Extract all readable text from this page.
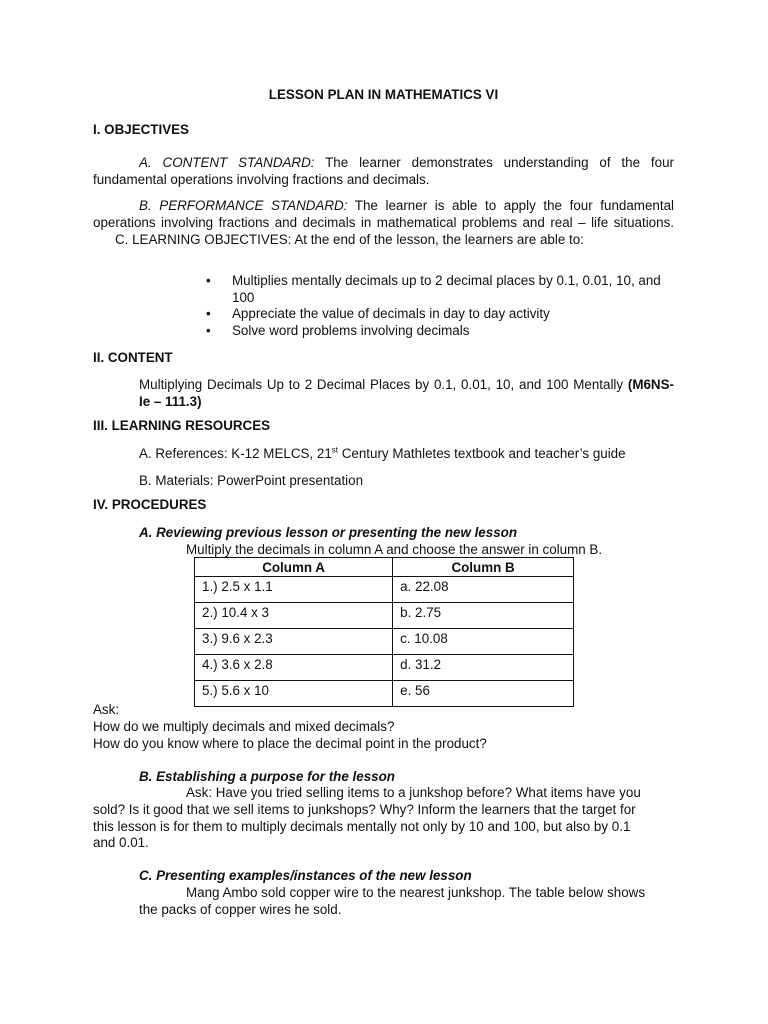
LESSON PLAN IN MATHEMATICS VI
I. OBJECTIVES
A. CONTENT STANDARD: The learner demonstrates understanding of the four fundamental operations involving fractions and decimals.
B. PERFORMANCE STANDARD: The learner is able to apply the four fundamental operations involving fractions and decimals in mathematical problems and real – life situations. C. LEARNING OBJECTIVES: At the end of the lesson, the learners are able to:
• Multiplies mentally decimals up to 2 decimal places by 0.1, 0.01, 10, and 100
• Appreciate the value of decimals in day to day activity
• Solve word problems involving decimals
II. CONTENT
Multiplying Decimals Up to 2 Decimal Places by 0.1, 0.01, 10, and 100 Mentally (M6NS- Ie – 111.3)
III. LEARNING RESOURCES
A. References: K-12 MELCS, 21st Century Mathletes textbook and teacher’s guide
B. Materials: PowerPoint presentation
IV. PROCEDURES
A. Reviewing previous lesson or presenting the new lesson
Multiply the decimals in column A and choose the answer in column B.
Column A	Column B
1.) 2.5 x 1.1	a. 22.08
2.) 10.4 x 3	b. 2.75
3.) 9.6 x 2.3	c. 10.08
4.) 3.6 x 2.8	d. 31.2
5.) 5.6 x 10	e. 56
Ask:
How do we multiply decimals and mixed decimals?
How do you know where to place the decimal point in the product?
B. Establishing a purpose for the lesson
Ask: Have you tried selling items to a junkshop before? What items have you
sold? Is it good that we sell items to junkshops? Why? Inform the learners that the target for
this lesson is for them to multiply decimals mentally not only by 10 and 100, but also by 0.1
and 0.01.
C. Presenting examples/instances of the new lesson
Mang Ambo sold copper wire to the nearest junkshop. The table below shows
the packs of copper wires he sold.
